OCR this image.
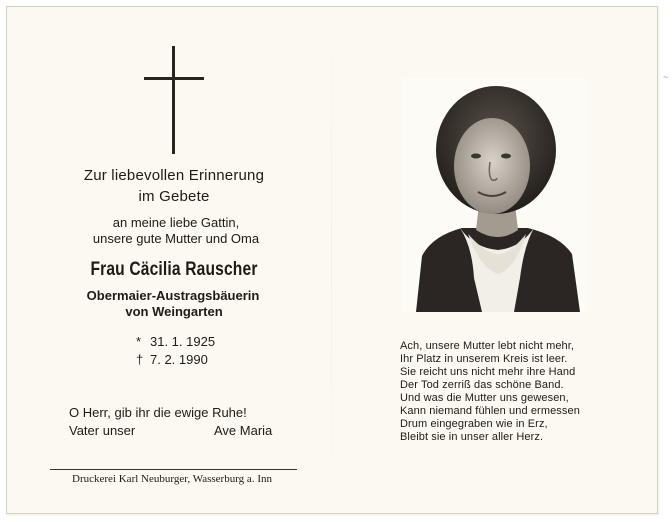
Zur liebevollen Erinnerung
im Gebete
an meine liebe Gattin,
unsere gute Mutter und Oma
Frau Cäcilia Rauscher
Obermaier-Austragsbäuerin
von Weingarten
* 31. 1. 1925
† 7. 2. 1990
O Herr, gib ihr die ewige Ruhe!
Vater unser	Ave Maria
Druckerei Karl Neuburger, Wasserburg a. Inn
Ach, unsere Mutter lebt nicht mehr,
Ihr Platz in unserem Kreis ist leer.
Sie reicht uns nicht mehr ihre Hand
Der Tod zerriß das schöne Band.
Und was die Mutter uns gewesen,
Kann niemand fühlen und ermessen
Drum eingegraben wie in Erz,
Bleibt sie in unser aller Herz.
~
